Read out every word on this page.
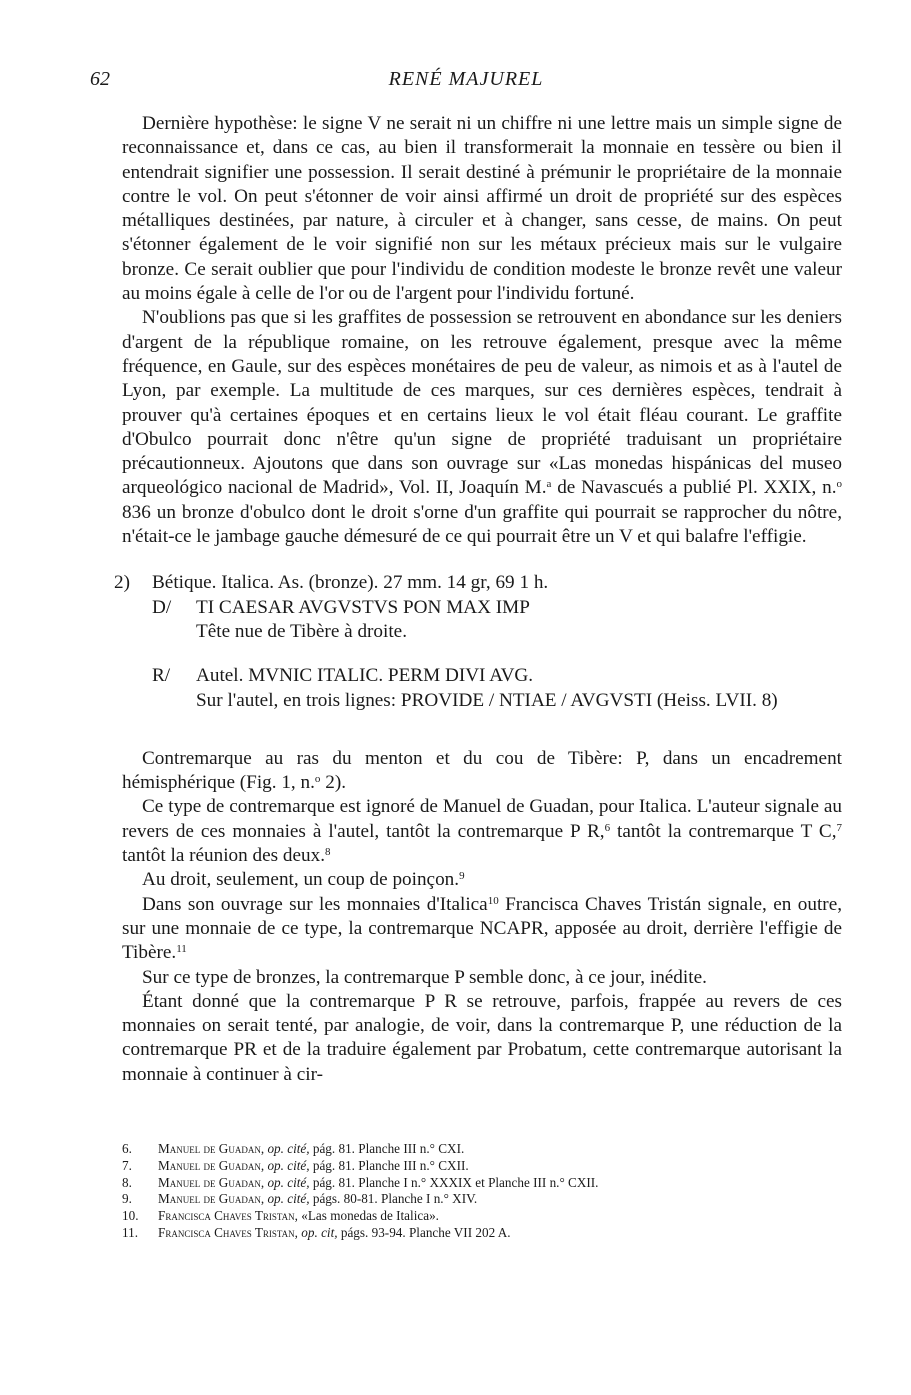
62	RENÉ MAJUREL

Dernière hypothèse: le signe V ne serait ni un chiffre ni une lettre mais un simple signe de reconnaissance et, dans ce cas, au bien il transformerait la monnaie en tessère ou bien il entendrait signifier une possession. Il serait destiné à prémunir le propriétaire de la monnaie contre le vol. On peut s'étonner de voir ainsi affirmé un droit de propriété sur des espèces métalliques destinées, par nature, à circuler et à changer, sans cesse, de mains. On peut s'étonner également de le voir signifié non sur les métaux précieux mais sur le vulgaire bronze. Ce serait oublier que pour l'individu de condition modeste le bronze revêt une valeur au moins égale à celle de l'or ou de l'argent pour l'individu fortuné.

N'oublions pas que si les graffites de possession se retrouvent en abondance sur les deniers d'argent de la république romaine, on les retrouve également, presque avec la même fréquence, en Gaule, sur des espèces monétaires de peu de valeur, as nimois et as à l'autel de Lyon, par exemple. La multitude de ces marques, sur ces dernières espèces, tendrait à prouver qu'à certaines époques et en certains lieux le vol était fléau courant. Le graffite d'Obulco pourrait donc n'être qu'un signe de propriété traduisant un propriétaire précautionneux. Ajoutons que dans son ouvrage sur «Las monedas hispánicas del museo arqueológico nacional de Madrid», Vol. II, Joaquín M.$^a$ de Navascués a publié Pl. XXIX, n.$^o$ 836 un bronze d'obulco dont le droit s'orne d'un graffite qui pourrait se rapprocher du nôtre, n'était-ce le jambage gauche démesuré de ce qui pourrait être un V et qui balafre l'effigie.

2)	Bétique. Italica. As. (bronze). 27 mm. 14 gr, 69 1 h.
D/	TI CAESAR AVGVSTVS PON MAX IMP
Tête nue de Tibère à droite.
R/	Autel. MVNIC ITALIC. PERM DIVI AVG.
Sur l'autel, en trois lignes: PROVIDE / NTIAE / AVGVSTI (Heiss. LVII. 8)

Contremarque au ras du menton et du cou de Tibère: P, dans un encadrement hémisphérique (Fig. 1, n.$^o$ 2).

Ce type de contremarque est ignoré de Manuel de Guadan, pour Italica. L'auteur signale au revers de ces monnaies à l'autel, tantôt la contremarque P R,$^6$ tantôt la contremarque T C,$^7$ tantôt la réunion des deux.$^8$

Au droit, seulement, un coup de poinçon.$^9$

Dans son ouvrage sur les monnaies d'Italica$^{10}$ Francisca Chaves Tristán signale, en outre, sur une monnaie de ce type, la contremarque NCAPR, apposée au droit, derrière l'effigie de Tibère.$^{11}$

Sur ce type de bronzes, la contremarque P semble donc, à ce jour, inédite.

Étant donné que la contremarque P R se retrouve, parfois, frappée au revers de ces monnaies on serait tenté, par analogie, de voir, dans la contremarque P, une réduction de la contremarque PR et de la traduire également par Probatum, cette contremarque autorisant la monnaie à continuer à cir-

6.	Manuel de Guadan, op. cité, pág. 81. Planche III n.° CXI.
7.	Manuel de Guadan, op. cité, pág. 81. Planche III n.° CXII.
8.	Manuel de Guadan, op. cité, pág. 81. Planche I n.° XXXIX et Planche III n.° CXII.
9.	Manuel de Guadan, op. cité, págs. 80-81. Planche I n.° XIV.
10.	Francisca Chaves Tristan, «Las monedas de Italica».
11.	Francisca Chaves Tristan, op. cit, págs. 93-94. Planche VII 202 A.
